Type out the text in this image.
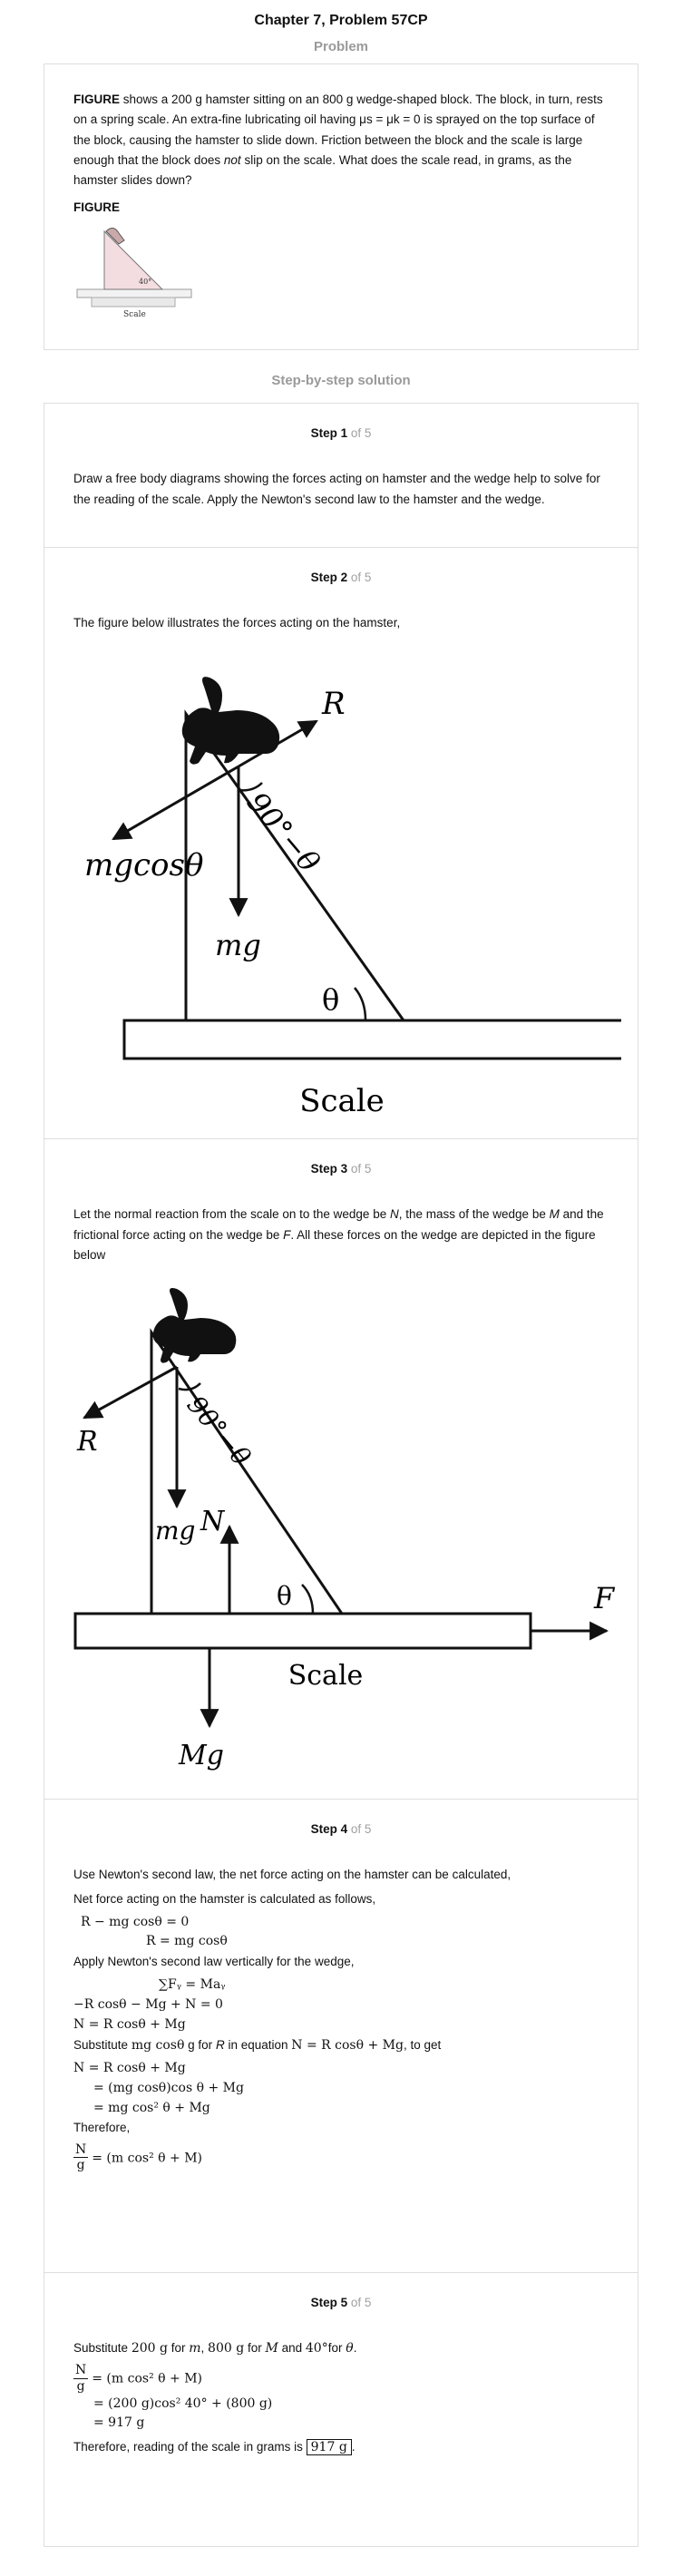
Chapter 7, Problem 57CP
Problem

FIGURE shows a 200 g hamster sitting on an 800 g wedge-shaped block. The block, in turn, rests on a spring scale. An extra-fine lubricating oil having μs = μk = 0 is sprayed on the top surface of the block, causing the hamster to slide down. Friction between the block and the scale is large enough that the block does not slip on the scale. What does the scale read, in grams, as the hamster slides down?

FIGURE
40°
Scale
Step-by-step solution
Step 1 of 5

Draw a free body diagrams showing the forces acting on hamster and the wedge help to solve for the reading of the scale. Apply the Newton's second law to the hamster and the wedge.

Step 2 of 5

The figure below illustrates the forces acting on the hamster,

R
mgcosθ 90°−θ
mg
θ
Scale
Step 3 of 5

Let the normal reaction from the scale on to the wedge be N, the mass of the wedge be M and the frictional force acting on the wedge be F. All these forces on the wedge are depicted in the figure below

R	90°−θ
mg N
θ	F
Scale
Mg
Step 4 of 5

Use Newton's second law, the net force acting on the hamster can be calculated,

Net force acting on the hamster is calculated as follows,

R − mg cosθ = 0
R = mg cosθ

Apply Newton's second law vertically for the wedge,

∑Fᵧ = Maᵧ
−R cosθ − Mg + N = 0
N = R cosθ + Mg

Substitute mg cosθ g for R in equation N = R cosθ + Mg, to get

N = R cosθ + Mg
= (mg cosθ)cos θ + Mg
= mg cos² θ + Mg

Therefore,

$\frac{N}{g} = (m$ cos² θ + M)
Step 5 of 5

Substitute 200 g for m, 800 g for M and 40°for θ.

$\frac{N}{g} = (m$ cos² θ + M)
= (200 g)cos² 40° + (800 g)
= 917 g

Therefore, reading of the scale in grams is 917 g .
